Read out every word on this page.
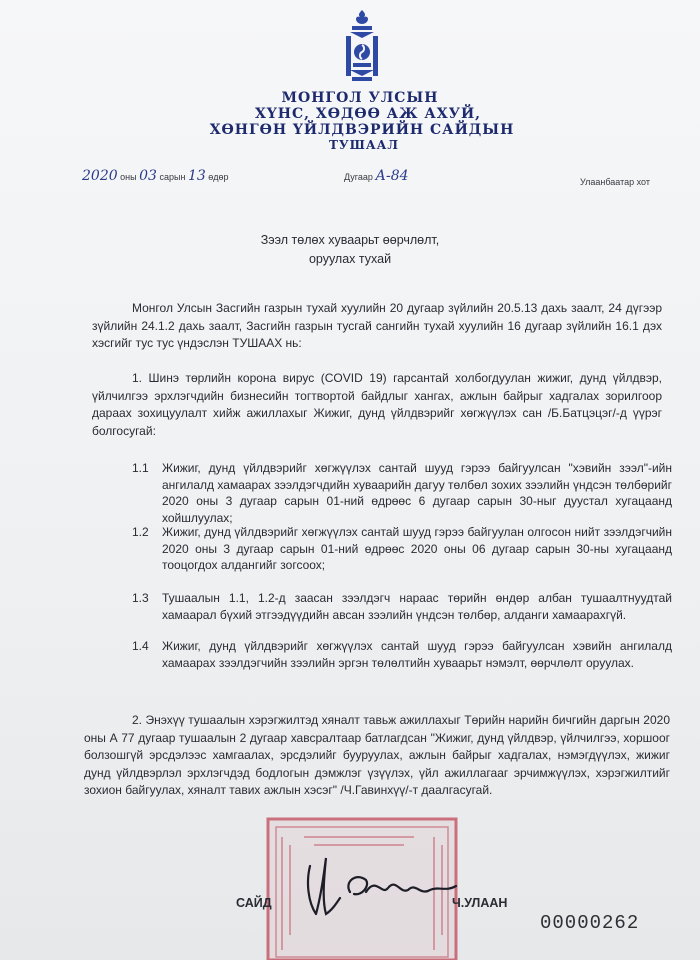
МОНГОЛ УЛСЫН
ХҮНС, ХӨДӨӨ АЖ АХУЙ,
ХӨНГӨН ҮЙЛДВЭРИЙН САЙДЫН
ТУШААЛ
2020 оны 03 сарын 13 өдөр	Дугаар А-84	Улаанбаатар хот
Зээл төлөх хуваарьт өөрчлөлт,
оруулах тухай

Монгол Улсын Засгийн газрын тухай хуулийн 20 дугаар зүйлийн 20.5.13 дахь заалт, 24 дүгээр зүйлийн 24.1.2 дахь заалт, Засгийн газрын тусгай сангийн тухай хуулийн 16 дугаар зүйлийн 16.1 дэх хэсгийг тус тус үндэслэн ТУШААХ нь:

1. Шинэ төрлийн корона вирус (COVID 19) гарсантай холбогдуулан жижиг, дунд үйлдвэр, үйлчилгээ эрхлэгчдийн бизнесийн тогтвортой байдлыг хангах, ажлын байрыг хадгалах зорилгоор дараах зохицуулалт хийж ажиллахыг Жижиг, дунд үйлдвэрийг хөгжүүлэх сан /Б.Батцэцэг/-д үүрэг болгосугай:

1.1 Жижиг, дунд үйлдвэрийг хөгжүүлэх сантай шууд гэрээ байгуулсан "хэвийн зээл"-ийн ангилалд хамаарах зээлдэгчдийн хуваарийн дагуу төлбөл зохих зээлийн үндсэн төлбөрийг 2020 оны 3 дугаар сарын 01-ний өдрөөс 6 дугаар сарын 30-ныг дуустал хугацаанд хойшлуулах;
1.2 Жижиг, дунд үйлдвэрийг хөгжүүлэх сантай шууд гэрээ байгуулан олгосон нийт зээлдэгчийн 2020 оны 3 дугаар сарын 01-ний өдрөөс 2020 оны 06 дугаар сарын 30-ны хугацаанд тооцогдох алдангийг зогсоох;
1.3 Тушаалын 1.1, 1.2-д заасан зээлдэгч нараас төрийн өндөр албан тушаалтнуудтай хамаарал бүхий этгээдүүдийн авсан зээлийн үндсэн төлбөр, алданги хамаарахгүй.
1.4 Жижиг, дунд үйлдвэрийг хөгжүүлэх сантай шууд гэрээ байгуулсан хэвийн ангилалд хамаарах зээлдэгчийн зээлийн эргэн төлөлтийн хуваарьт нэмэлт, өөрчлөлт оруулах.

2. Энэхүү тушаалын хэрэгжилтэд хяналт тавьж ажиллахыг Төрийн нарийн бичгийн даргын 2020 оны А 77 дугаар тушаалын 2 дугаар хавсралтаар батлагдсан "Жижиг, дунд үйлдвэр, үйлчилгээ, хоршоог болзошгүй эрсдэлээс хамгаалах, эрсдэлийг бууруулах, ажлын байрыг хадгалах, нэмэгдүүлэх, жижиг дунд үйлдвэрлэл эрхлэгчдэд бодлогын дэмжлэг үзүүлэх, үйл ажиллагааг эрчимжүүлэх, хэрэгжилтийг зохион байгуулах, хяналт тавих ажлын хэсэг" /Ч.Гавинхүү/-т даалгасугай.

САЙД	Ч.УЛААН
00000262
